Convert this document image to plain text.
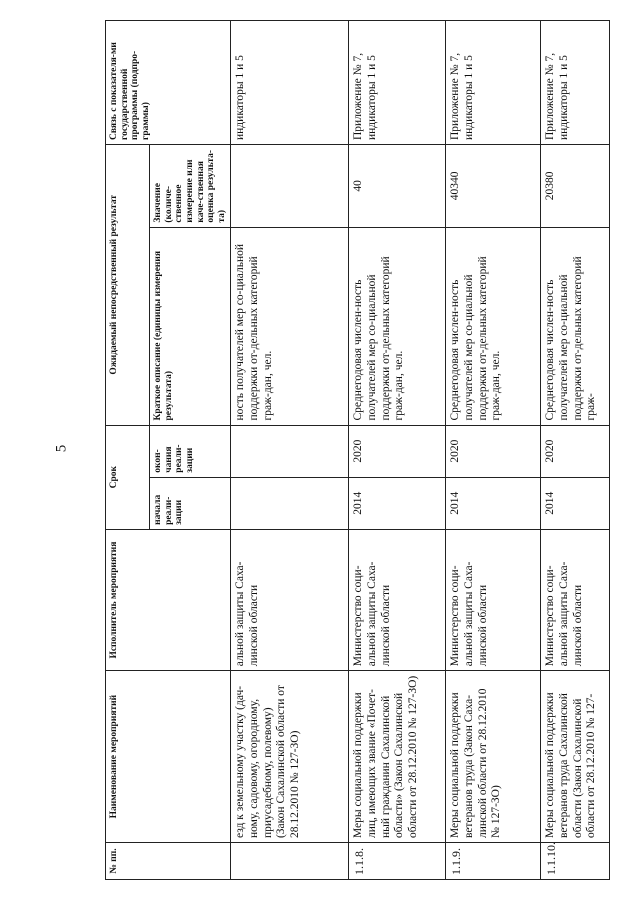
5
№ пп.	Наименование мероприятий	Исполнитель мероприятия	Срок		Ожидаемый непосредственный результат		Связь с показателя-ми государственной программы (подпро-граммы)
			начала реали-зации	окон-чания реали-зации	Краткое описание (единицы измерения результата)	Значение (количе-ственное измерение или каче-ственная оценка результа-та)	
	езд к земельному участку (дач-ному, садовому, огородному, приусадебному, полевому) (Закон Сахалинской области от 28.12.2010 № 127-ЗО)	альной защиты Саха-линской области			ность получателей мер со-циальной поддержки от-дельных категорий граж-дан, чел.		индикаторы 1 и 5
1.1.8.	Меры социальной поддержки лиц, имеющих звание «Почет-ный гражданин Сахалинской области» (Закон Сахалинской области от 28.12.2010 № 127-ЗО)	Министерство соци-альной защиты Саха-линской области	2014	2020	Среднегодовая числен-ность получателей мер со-циальной поддержки от-дельных категорий граж-дан, чел.	40	Приложение № 7, индикаторы 1 и 5
1.1.9.	Меры социальной поддержки ветеранов труда (Закон Саха-линской области от 28.12.2010 № 127-ЗО)	Министерство соци-альной защиты Саха-линской области	2014	2020	Среднегодовая числен-ность получателей мер со-циальной поддержки от-дельных категорий граж-дан, чел.	40340	Приложение № 7, индикаторы 1 и 5
1.1.10.	Меры социальной поддержки ветеранов труда Сахалинской области (Закон Сахалинской области от 28.12.2010 № 127-	Министерство соци-альной защиты Саха-линской области	2014	2020	Среднегодовая числен-ность получателей мер со-циальной поддержки от-дельных категорий граж-	20380	Приложение № 7, индикаторы 1 и 5
